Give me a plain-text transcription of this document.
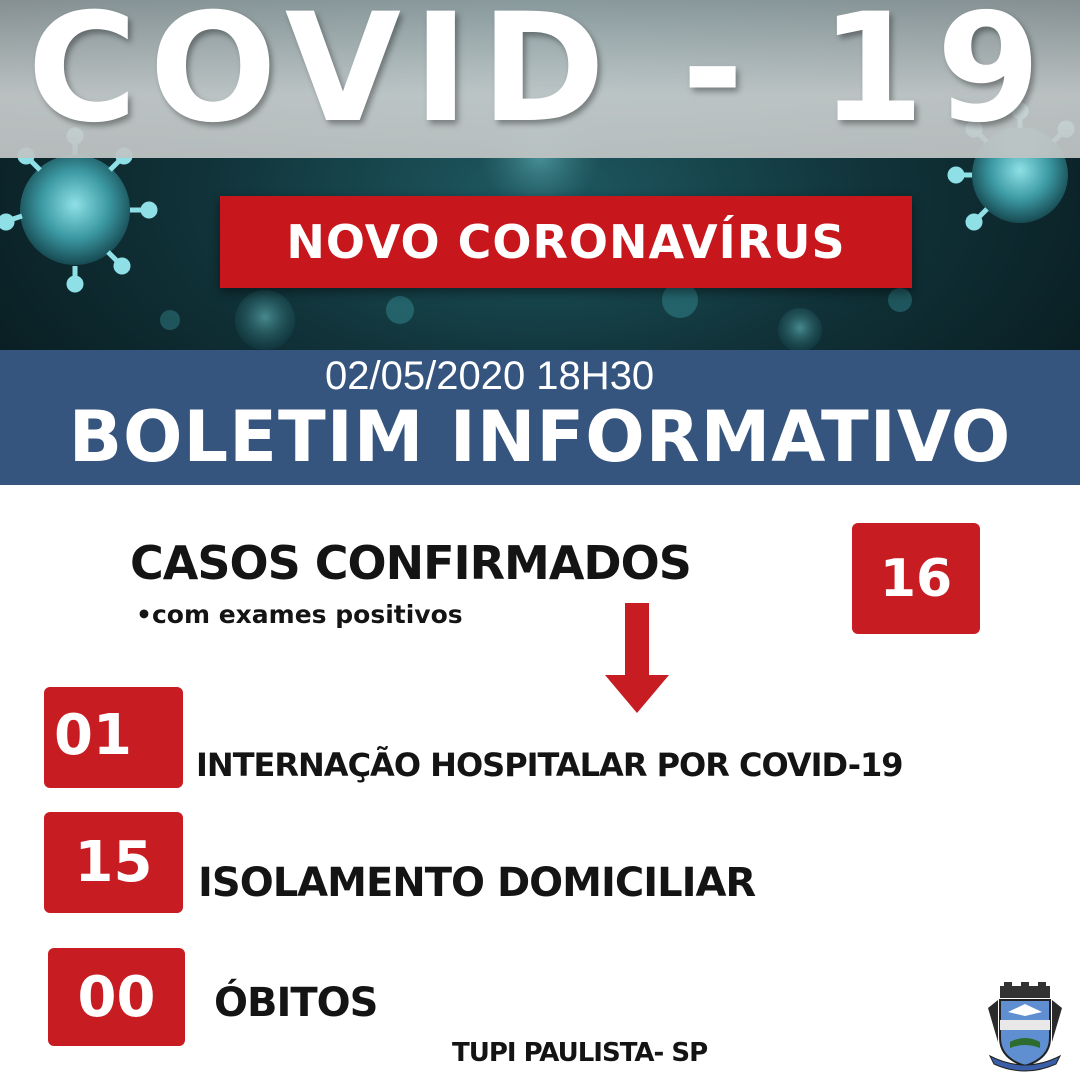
COVID - 19
NOVO CORONAVÍRUS
02/05/2020 18H30
BOLETIM INFORMATIVO
CASOS CONFIRMADOS
•com exames positivos
16
01	INTERNAÇÃO HOSPITALAR POR COVID-19
15	ISOLAMENTO DOMICILIAR
00	ÓBITOS
TUPI PAULISTA- SP
